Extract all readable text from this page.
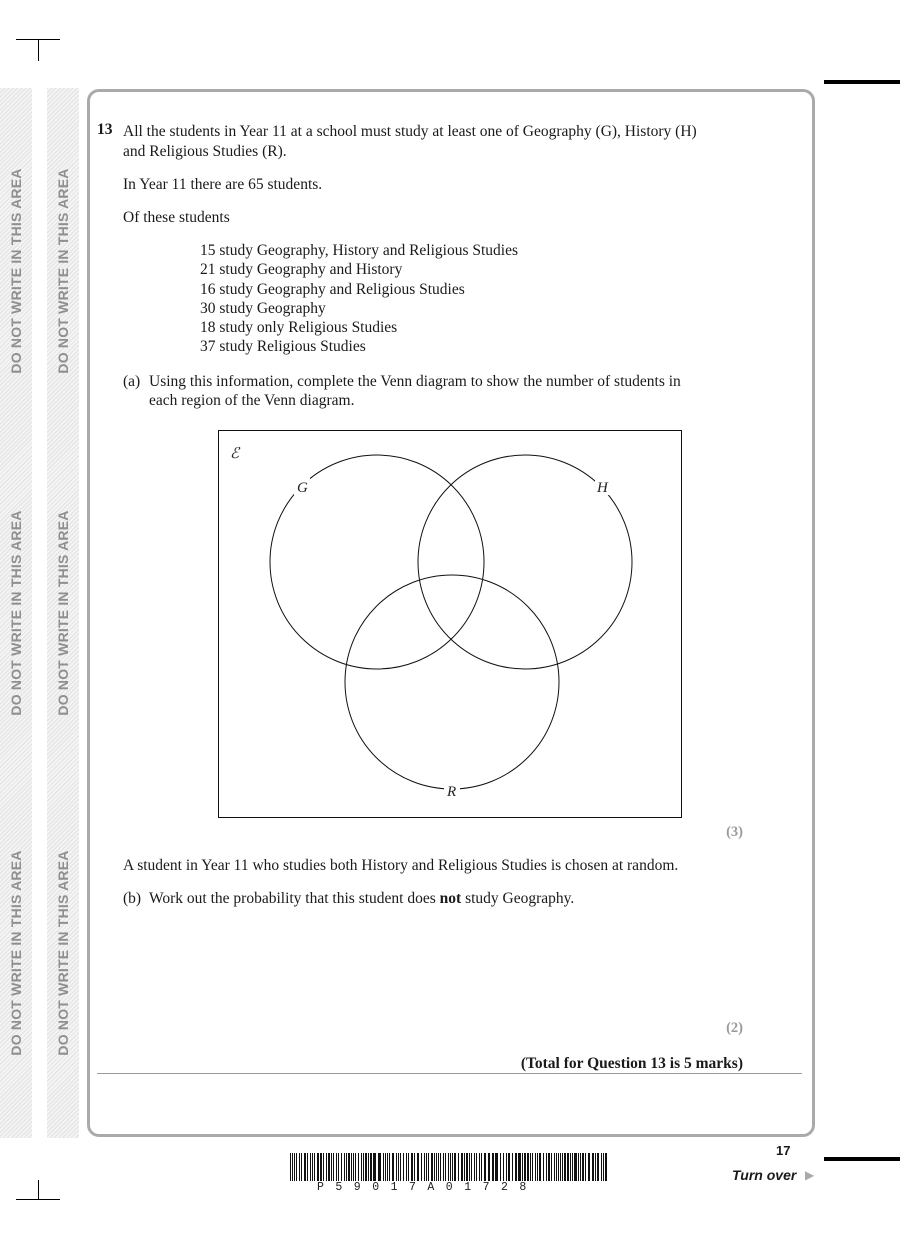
DO NOT WRITE IN THIS AREA
DO NOT WRITE IN THIS AREA
DO NOT WRITE IN THIS AREA
DO NOT WRITE IN THIS AREA
DO NOT WRITE IN THIS AREA
DO NOT WRITE IN THIS AREA
13 All the students in Year 11 at a school must study at least one of Geography (G), History (H)
and Religious Studies (R).
In Year 11 there are 65 students.
Of these students
15 study Geography, History and Religious Studies
21 study Geography and History
16 study Geography and Religious Studies
30 study Geography
18 study only Religious Studies
37 study Religious Studies
(a) Using this information, complete the Venn diagram to show the number of students in
each region of the Venn diagram.
ℰ
G	H
R
(3)
A student in Year 11 who studies both History and Religious Studies is chosen at random.
(b) Work out the probability that this student does not study Geography.
(2)
(Total for Question 13 is 5 marks)
17
Turn over ▶
P59017A01728
